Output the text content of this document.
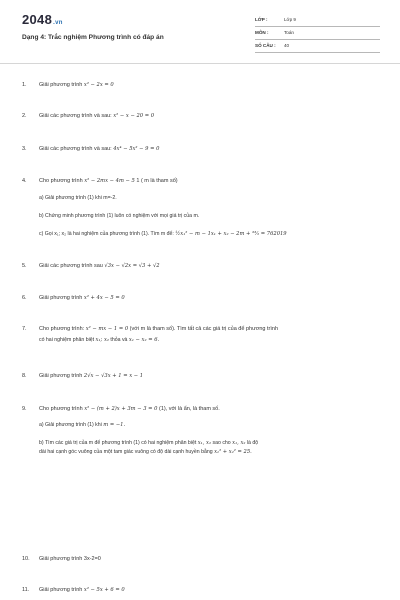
2048.vn
Dạng 4: Trắc nghiệm Phương trình có đáp án
LỚP :	Lớp 9
MÔN :	Toán
SỐ CÂU : 40
1. Giải phương trình x² − 2x = 0
2. Giải các phương trình và sau: x² − x − 20 = 0
3. Giải các phương trình và sau: 4x⁴ − 5x² − 9 = 0
4. Cho phương trình x² − 2mx − 4m − 5 1 ( m là tham số)
a) Giải phương trình (1) khi m=-2.
b) Chứng minh phương trình (1) luôn có nghiệm với mọi giá trị của m.
c) Gọi x₁; x₂ là hai nghiệm của phương trình (1). Tìm m để: ½x₁² − m − 1x₁ + x₂ − 2m + ³³⁄₂ = 762019
5. Giải các phương trình sau √3x − √2x = √3 + √2
6. Giải phương trình x² + 4x − 5 = 0
7. Cho phương trình: x² − mx − 1 = 0 (với m là tham số). Tìm tất cả các giá trị của để phương trình
có hai nghiệm phân biệt x₁; x₂ thỏa và x₁ − x₂ = 6.
8. Giải phương trình 2√x − √3x + 1 = x − 1
9. Cho phương trình x² − (m + 2)x + 3m − 3 = 0 (1), với là ẩn, là tham số.
a) Giải phương trình (1) khi m = −1.
b) Tìm các giá trị của m để phương trình (1) có hai nghiệm phân biệt x₁, x₂ sao cho x₁, x₂ là độ
dài hai cạnh góc vuông của một tam giác vuông có độ dài cạnh huyền bằng x₁² + x₂² = 25.
10. Giải phương trình 3x-2=0
11. Giải phương trình x² − 5x + 6 = 0
